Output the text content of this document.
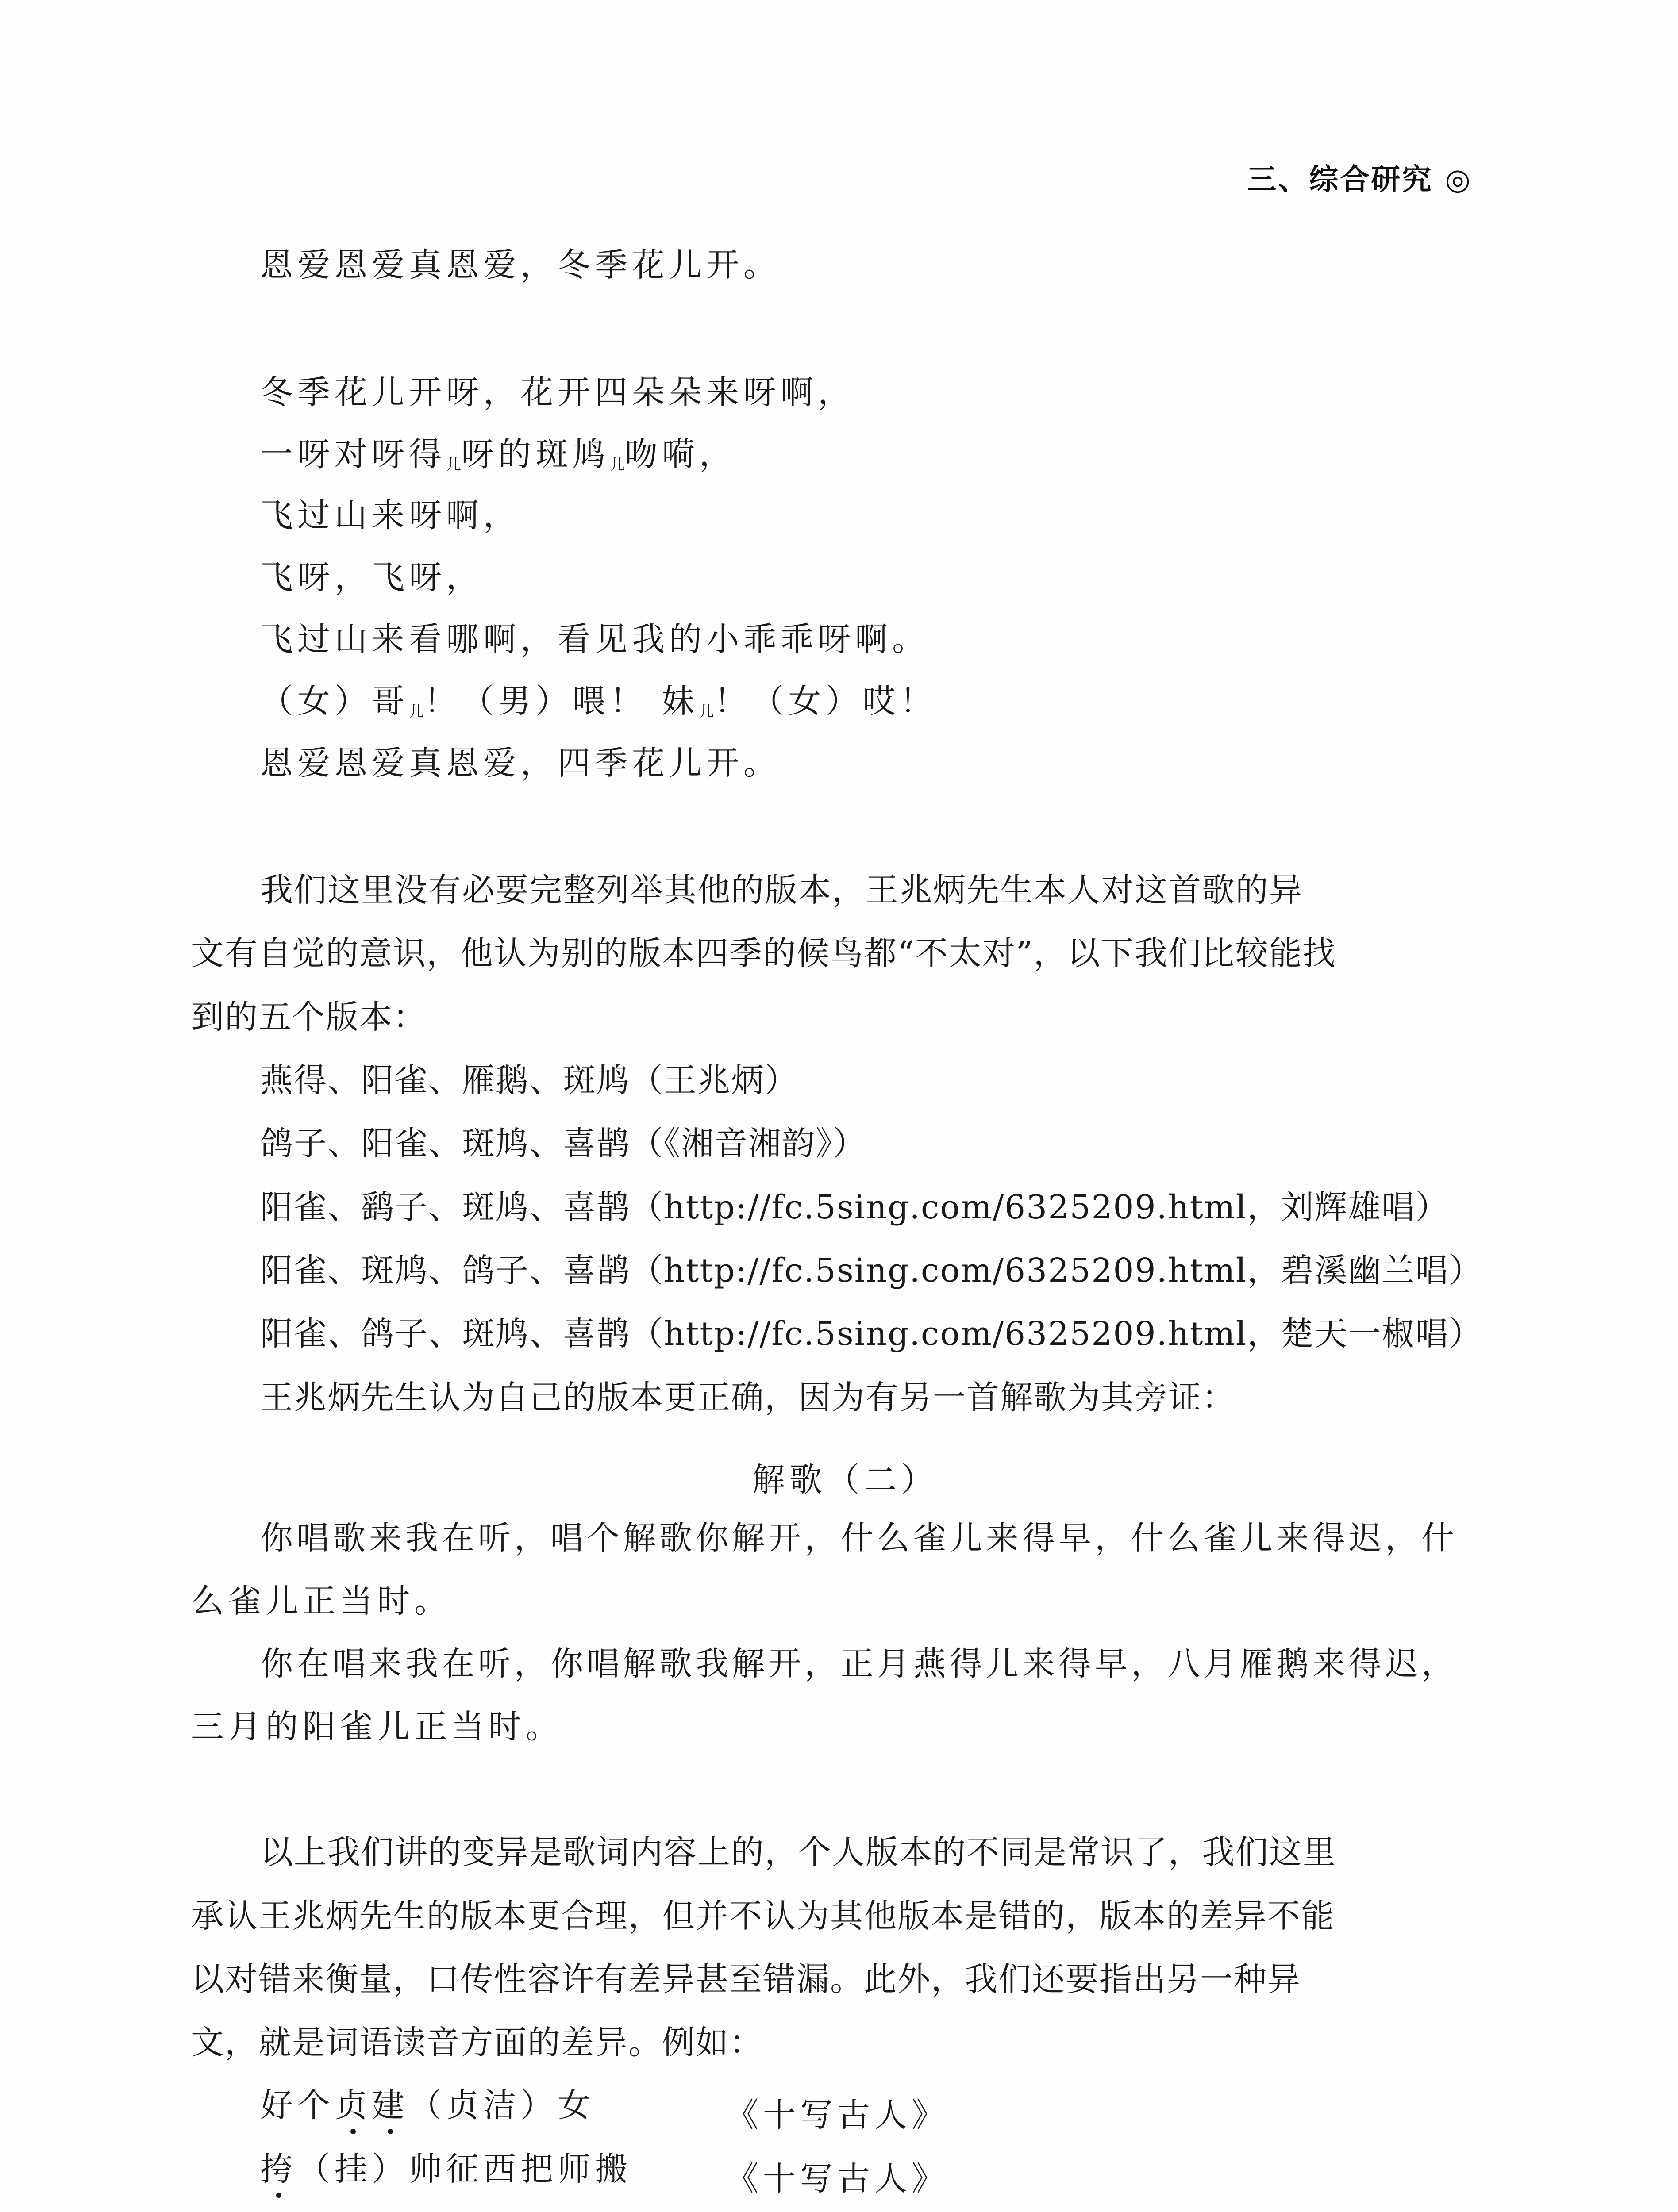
三、综合研究 ◎
恩爱恩爱真恩爱，冬季花儿开。
冬季花儿开呀，花开四朵朵来呀啊，
一呀对呀得儿呀的斑鸠儿吻嗬，
飞过山来呀啊，
飞呀，飞呀，
飞过山来看哪啊，看见我的小乖乖呀啊。
（女）哥儿！（男）喂！ 妹儿！（女）哎！
恩爱恩爱真恩爱，四季花儿开。
我们这里没有必要完整列举其他的版本，王兆炳先生本人对这首歌的异
文有自觉的意识，他认为别的版本四季的候鸟都“不太对”，以下我们比较能找
到的五个版本：
燕得、阳雀、雁鹅、斑鸠（王兆炳）
鸽子、阳雀、斑鸠、喜鹊（《湘音湘韵》）
阳雀、鹞子、斑鸠、喜鹊（http://fc.5sing.com/6325209.html，刘辉雄唱）
阳雀、斑鸠、鸽子、喜鹊（http://fc.5sing.com/6325209.html，碧溪幽兰唱）
阳雀、鸽子、斑鸠、喜鹊（http://fc.5sing.com/6325209.html，楚天一椒唱）
王兆炳先生认为自己的版本更正确，因为有另一首解歌为其旁证：
解歌（二）
你唱歌来我在听，唱个解歌你解开，什么雀儿来得早，什么雀儿来得迟，什
么雀儿正当时。
你在唱来我在听，你唱解歌我解开，正月燕得儿来得早，八月雁鹅来得迟，
三月的阳雀儿正当时。
以上我们讲的变异是歌词内容上的，个人版本的不同是常识了，我们这里
承认王兆炳先生的版本更合理，但并不认为其他版本是错的，版本的差异不能
以对错来衡量，口传性容许有差异甚至错漏。此外，我们还要指出另一种异
文，就是词语读音方面的差异。例如：
好个贞建（贞洁）女	《十写古人》
挎（挂）帅征西把师搬	《十写古人》
